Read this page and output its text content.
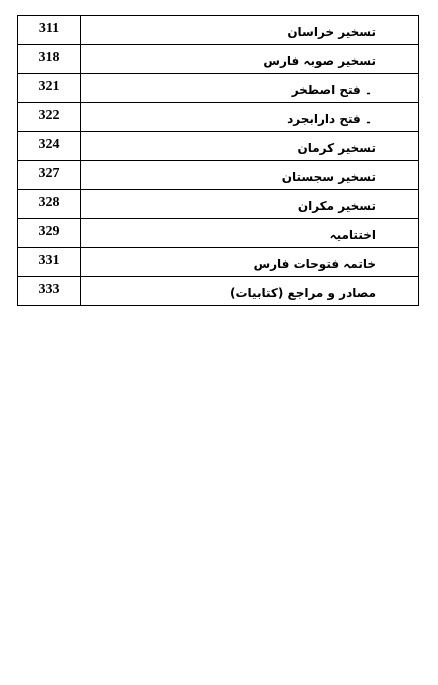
311	تسخیر خراسان
318	تسخیر صوبہ فارس
321	۔ فتح اصطخر
322	۔ فتح دارابجرد
324	تسخیر کرمان
327	تسخیر سجستان
328	تسخیر مکران
329	اختتامیہ
331	خاتمہ فتوحات فارس
333	مصادر و مراجع (کتابیات)
